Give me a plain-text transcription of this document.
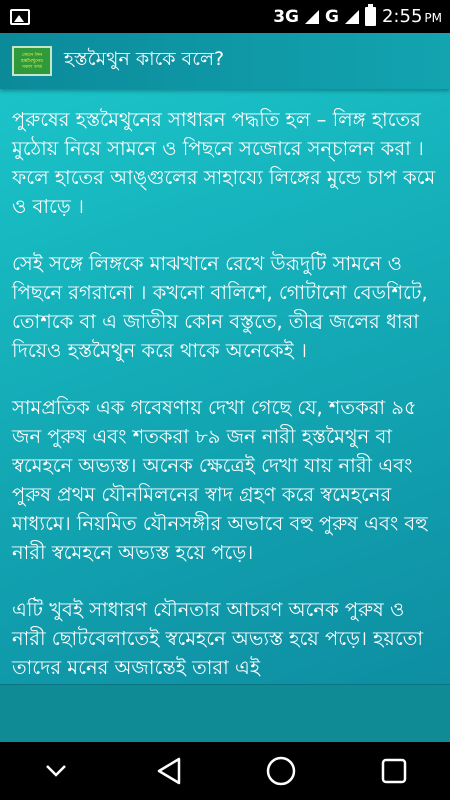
3G G 2:55 PM
জেনে নিন
হস্তমৈথুনের
সকল তথ্য হস্তমৈথুন কাকে বলে?

পুরুষের হস্তমৈথুনের সাধারন পদ্ধতি হল – লিঙ্গ হাতের মুঠোয় নিয়ে সামনে ও পিছনে সজোরে সন্চালন করা । ফলে হাতের আঙ্গুলের সাহায্যে লিঙ্গের মুন্ডে চাপ কমে ও বাড়ে ।

সেই সঙ্গে লিঙ্গকে মাঝখানে রেখে উরূদুটি সামনে ও পিছনে রগরানো । কখনো বালিশে, গোটানো বেডশিটে, তোশকে বা এ জাতীয় কোন বস্তুতে, তীব্র জলের ধারা দিয়েও হস্তমৈথুন করে থাকে অনেকেই ।

সামপ্রতিক এক গবেষণায় দেখা গেছে যে, শতকরা ৯৫ জন পুরুষ এবং শতকরা ৮৯ জন নারী হস্তমৈথুন বা স্বমেহনে অভ্যস্ত। অনেক ক্ষেত্রেই দেখা যায় নারী এবং পুরুষ প্রথম যৌনমিলনের স্বাদ গ্রহণ করে স্বমেহনের মাধ্যমে। নিয়মিত যৌনসঙ্গীর অভাবে বহু পুরুষ এবং বহু নারী স্বমেহনে অভ্যস্ত হয়ে পড়ে।

এটি খুবই সাধারণ যৌনতার আচরণ অনেক পুরুষ ও নারী ছোটবেলাতেই স্বমেহনে অভ্যস্ত হয়ে পড়ে। হয়তো তাদের মনের অজান্তেই তারা এই
